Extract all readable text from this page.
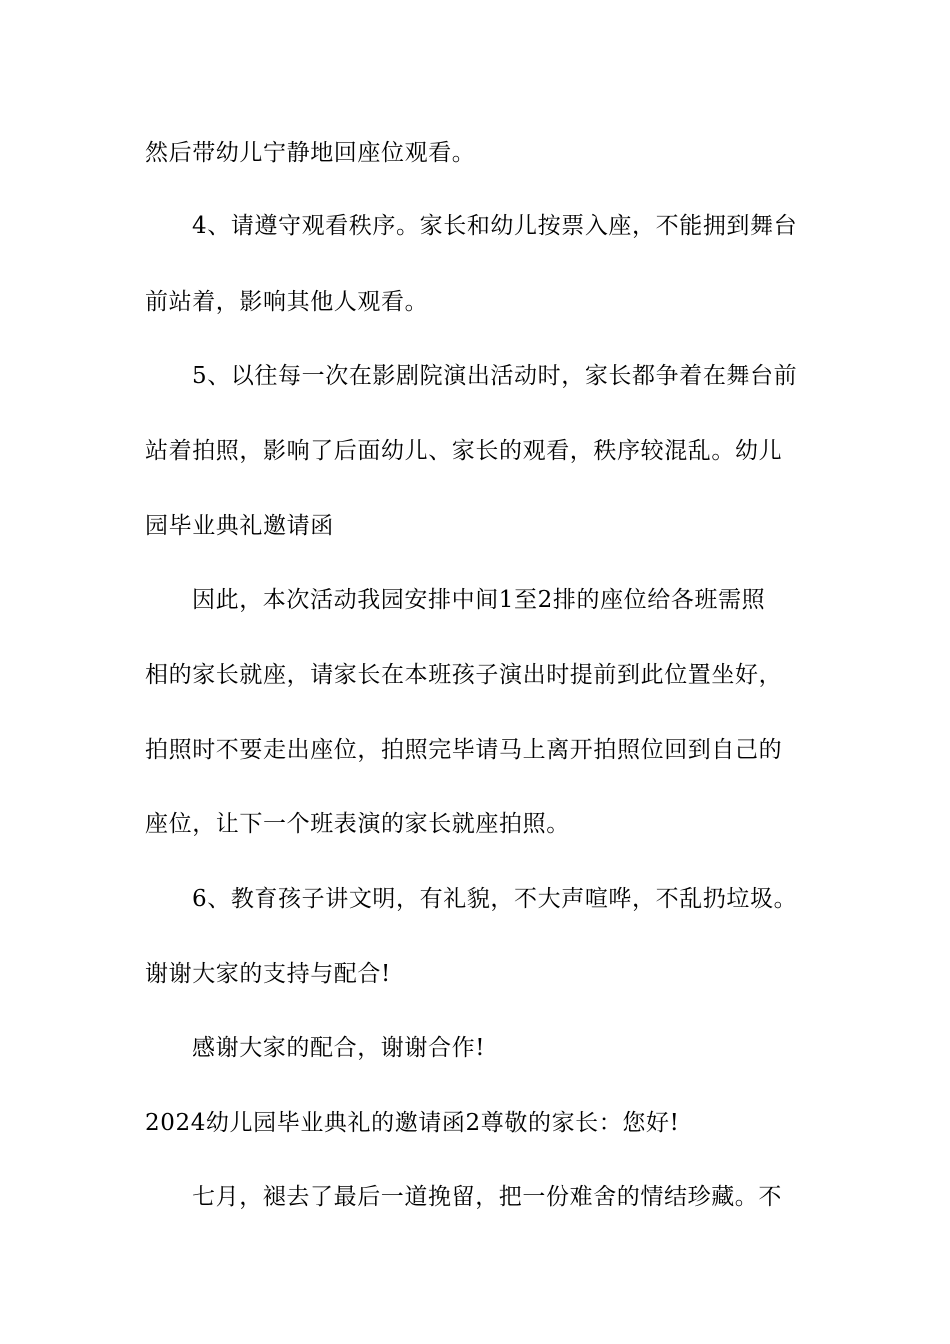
然后带幼儿宁静地回座位观看。
4、请遵守观看秩序。家长和幼儿按票入座，不能拥到舞台
前站着，影响其他人观看。
5、以往每一次在影剧院演出活动时，家长都争着在舞台前
站着拍照，影响了后面幼儿、家长的观看，秩序较混乱。幼儿
园毕业典礼邀请函
因此，本次活动我园安排中间1至2排的座位给各班需照
相的家长就座，请家长在本班孩子演出时提前到此位置坐好，
拍照时不要走出座位，拍照完毕请马上离开拍照位回到自己的
座位，让下一个班表演的家长就座拍照。
6、教育孩子讲文明，有礼貌，不大声喧哗，不乱扔垃圾。
谢谢大家的支持与配合!
感谢大家的配合，谢谢合作!
2024幼儿园毕业典礼的邀请函2尊敬的家长：您好!
七月，褪去了最后一道挽留，把一份难舍的情结珍藏。不
